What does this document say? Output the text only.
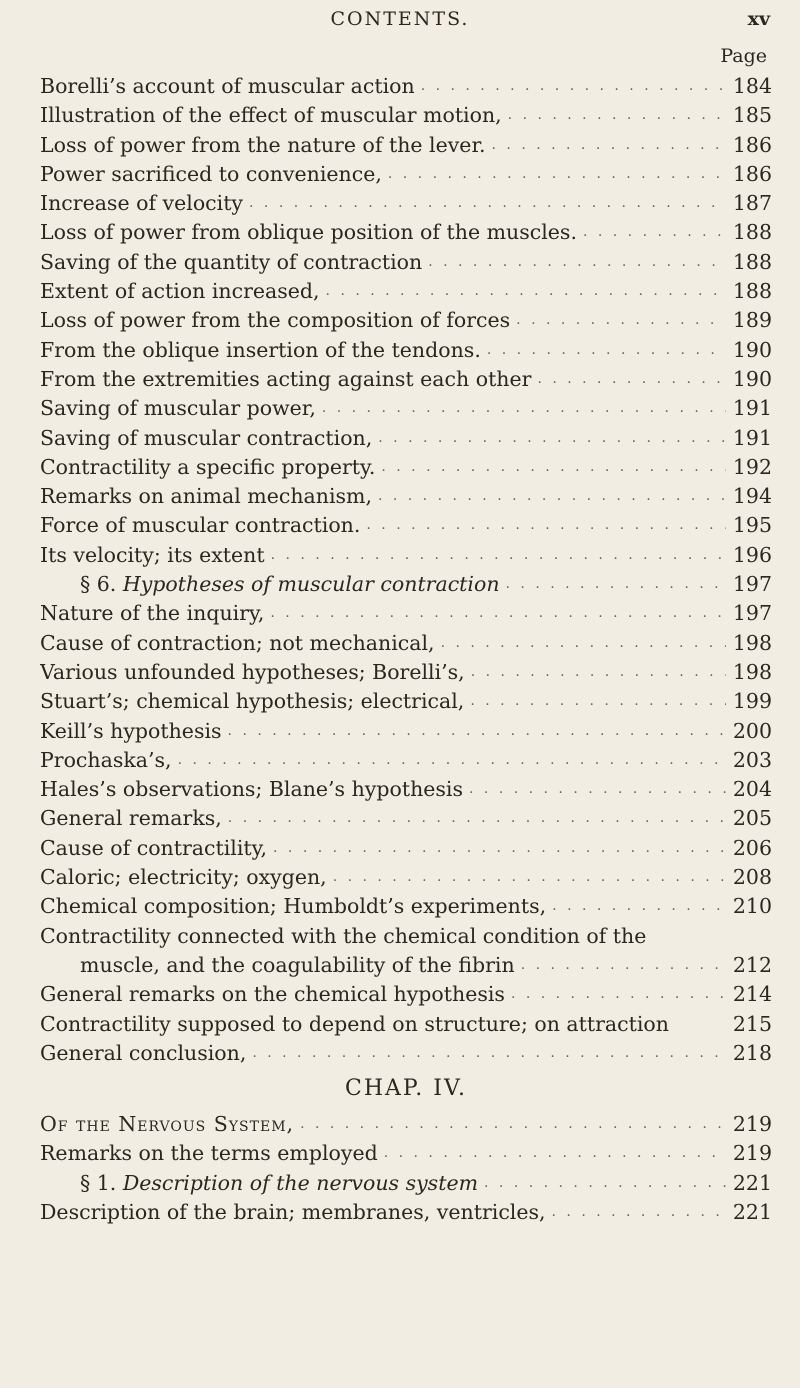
CONTENTS.	xv
Page
Borelli’s account of muscular action . . .	184
Illustration of the effect of muscular motion, . . .	185
Loss of power from the nature of the lever. . . .	186
Power sacrificed to convenience, . . .	186
Increase of velocity . . .	187
Loss of power from oblique position of the muscles. . . .	188
Saving of the quantity of contraction . . .	188
Extent of action increased, . . .	188
Loss of power from the composition of forces . . .	189
From the oblique insertion of the tendons. . . .	190
From the extremities acting against each other . . .	190
Saving of muscular power, . . .	191
Saving of muscular contraction, . . .	191
Contractility a specific property. . . .	192
Remarks on animal mechanism, . . .	194
Force of muscular contraction. . . .	195
Its velocity; its extent . . .	196
§ 6. Hypotheses of muscular contraction . . .	197
Nature of the inquiry, . . .	197
Cause of contraction; not mechanical, . . .	198
Various unfounded hypotheses; Borelli’s, . . .	198
Stuart’s; chemical hypothesis; electrical, . . .	199
Keill’s hypothesis . . .	200
Prochaska’s, . . .	203
Hales’s observations; Blane’s hypothesis . . .	204
General remarks, . . .	205
Cause of contractility, . . .	206
Caloric; electricity; oxygen, . . .	208
Chemical composition; Humboldt’s experiments, . . .	210
Contractility connected with the chemical condition of the
muscle, and the coagulability of the fibrin . . .	212
General remarks on the chemical hypothesis . . .	214
Contractility supposed to depend on structure; on attraction	215
General conclusion, . . .	218
CHAP. IV.
Of the Nervous System, . . .	219
Remarks on the terms employed . . .	219
§ 1. Description of the nervous system . . .	221
Description of the brain; membranes, ventricles, . . .	221
